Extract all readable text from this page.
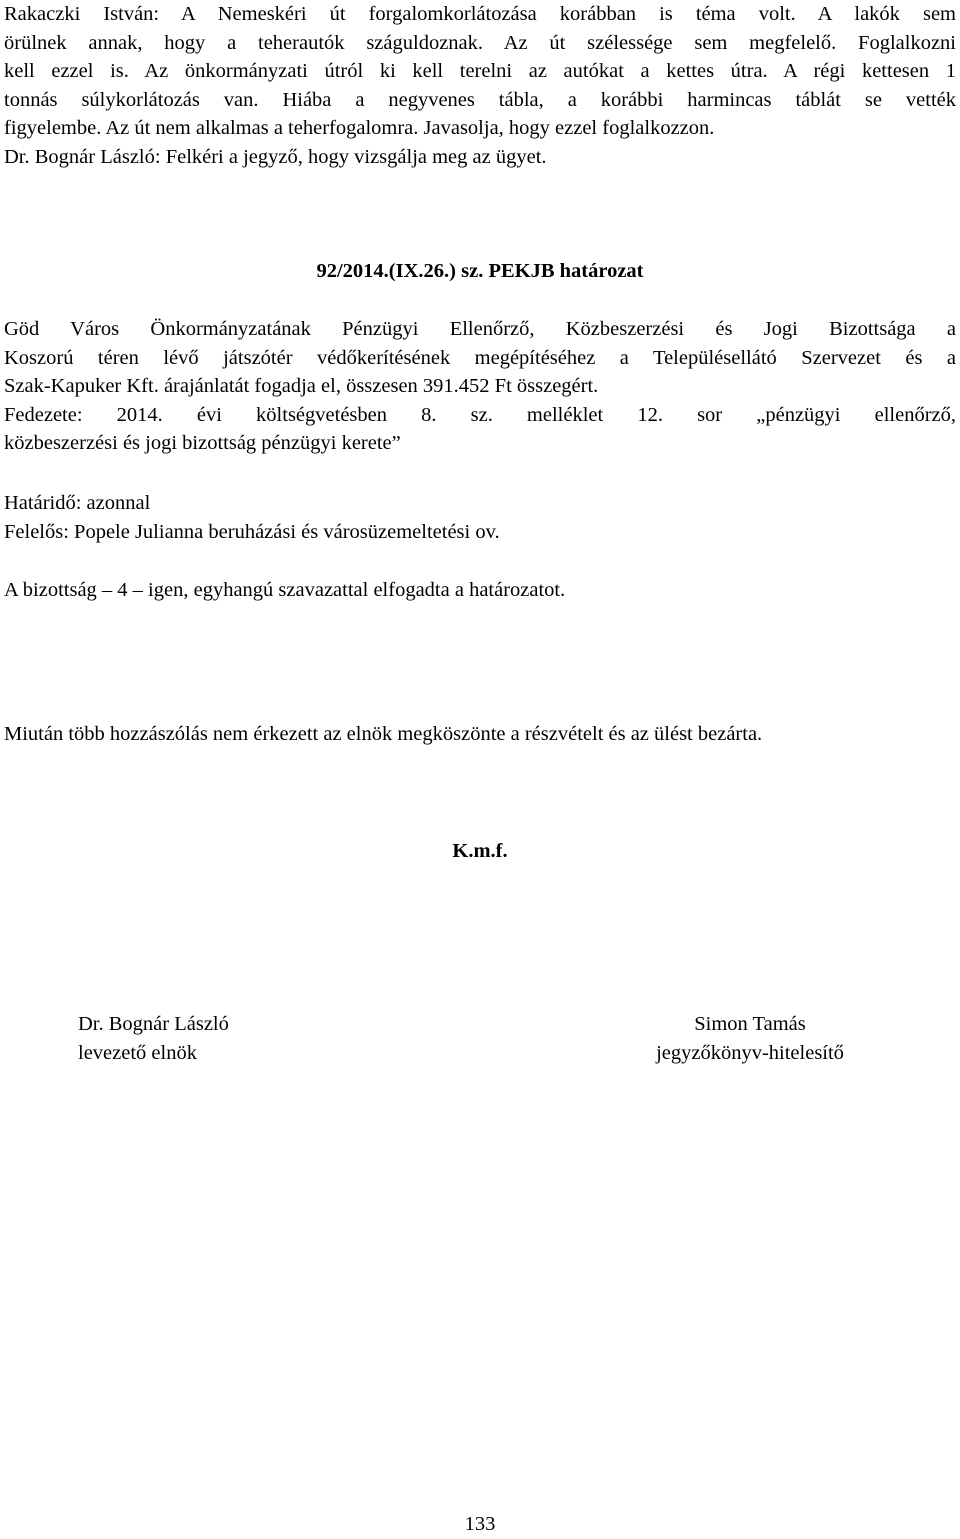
Rakaczki István: A Nemeskéri út forgalomkorlátozása korábban is téma volt. A lakók sem

örülnek annak, hogy a teherautók száguldoznak. Az út szélessége sem megfelelő. Foglalkozni

kell ezzel is. Az önkormányzati útról ki kell terelni az autókat a kettes útra. A régi kettesen 1

tonnás súlykorlátozás van. Hiába a negyvenes tábla, a korábbi harmincas táblát se vették

figyelembe. Az út nem alkalmas a teherfogalomra. Javasolja, hogy ezzel foglalkozzon.

Dr. Bognár László: Felkéri a jegyző, hogy vizsgálja meg az ügyet.

92/2014.(IX.26.) sz. PEKJB határozat

Göd Város Önkormányzatának Pénzügyi Ellenőrző, Közbeszerzési és Jogi Bizottsága a

Koszorú téren lévő játszótér védőkerítésének megépítéséhez a Településellátó Szervezet és a

Szak-Kapuker Kft. árajánlatát fogadja el, összesen 391.452 Ft összegért.

Fedezete: 2014. évi költségvetésben 8. sz. melléklet 12. sor „pénzügyi ellenőrző,

közbeszerzési és jogi bizottság pénzügyi kerete”

Határidő: azonnal

Felelős: Popele Julianna beruházási és városüzemeltetési ov.

A bizottság – 4 – igen, egyhangú szavazattal elfogadta a határozatot.
Miután több hozzászólás nem érkezett az elnök megköszönte a részvételt és az ülést bezárta.
K.m.f.
Dr. Bognár László
levezető elnök
Simon Tamás
jegyzőkönyv-hitelesítő
133
